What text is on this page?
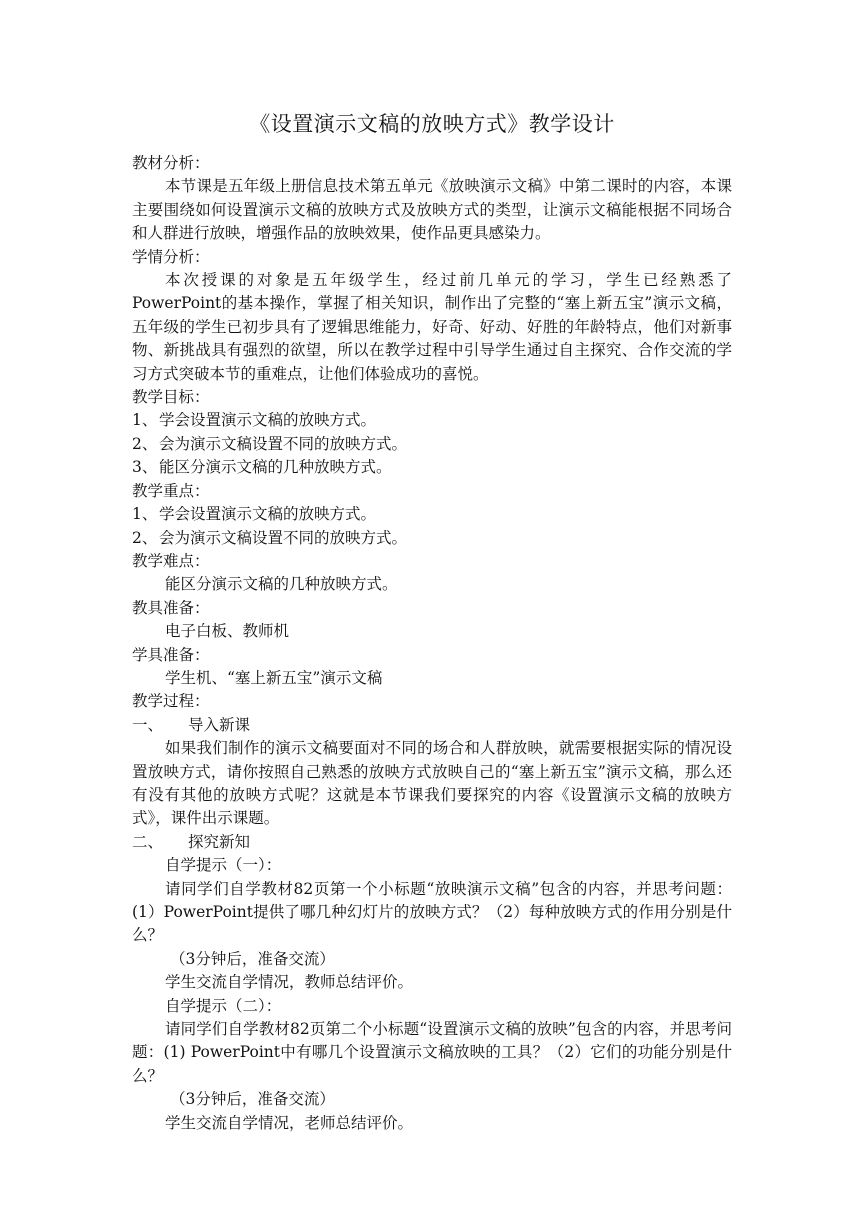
《设置演示文稿的放映方式》教学设计

教材分析：

本节课是五年级上册信息技术第五单元《放映演示文稿》中第二课时的内容，本课主要围绕如何设置演示文稿的放映方式及放映方式的类型，让演示文稿能根据不同场合和人群进行放映，增强作品的放映效果，使作品更具感染力。

学情分析：

本次授课的对象是五年级学生，经过前几单元的学习，学生已经熟悉了PowerPoint的基本操作，掌握了相关知识，制作出了完整的“塞上新五宝”演示文稿，五年级的学生已初步具有了逻辑思维能力，好奇、好动、好胜的年龄特点，他们对新事物、新挑战具有强烈的欲望，所以在教学过程中引导学生通过自主探究、合作交流的学习方式突破本节的重难点，让他们体验成功的喜悦。

教学目标：

1、 学会设置演示文稿的放映方式。

2、 会为演示文稿设置不同的放映方式。

3、 能区分演示文稿的几种放映方式。

教学重点：

1、 学会设置演示文稿的放映方式。

2、 会为演示文稿设置不同的放映方式。

教学难点：

能区分演示文稿的几种放映方式。

教具准备：

电子白板、教师机

学具准备：

学生机、“塞上新五宝”演示文稿

教学过程：

一、 导入新课

如果我们制作的演示文稿要面对不同的场合和人群放映，就需要根据实际的情况设置放映方式，请你按照自己熟悉的放映方式放映自己的“塞上新五宝”演示文稿，那么还有没有其他的放映方式呢？这就是本节课我们要探究的内容《设置演示文稿的放映方式》，课件出示课题。

二、 探究新知

自学提示（一）：

请同学们自学教材82页第一个小标题“放映演示文稿”包含的内容，并思考问题：(1）PowerPoint提供了哪几种幻灯片的放映方式？（2）每种放映方式的作用分别是什么？

（3分钟后，准备交流）

学生交流自学情况，教师总结评价。

自学提示（二）：

请同学们自学教材82页第二个小标题“设置演示文稿的放映”包含的内容，并思考问题：(1) PowerPoint中有哪几个设置演示文稿放映的工具？（2）它们的功能分别是什么？

（3分钟后，准备交流）

学生交流自学情况，老师总结评价。
